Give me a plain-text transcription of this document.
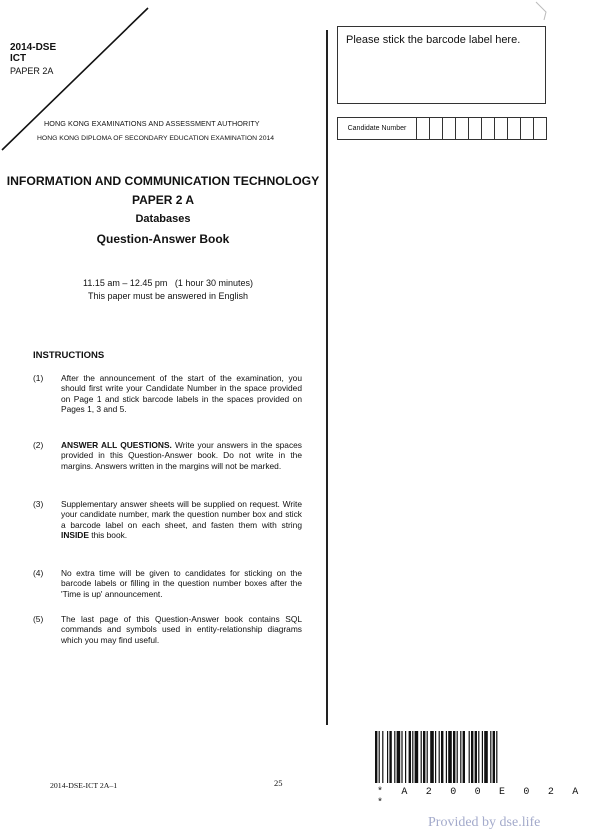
2014-DSE
ICT
PAPER 2A
HONG KONG EXAMINATIONS AND ASSESSMENT AUTHORITY
HONG KONG DIPLOMA OF SECONDARY EDUCATION EXAMINATION 2014
INFORMATION AND COMMUNICATION TECHNOLOGY
PAPER 2 A
Databases
Question-Answer Book
11.15 am – 12.45 pm   (1 hour 30 minutes)
This paper must be answered in English
INSTRUCTIONS
(1)	After the announcement of the start of the examination, you should first write your Candidate Number in the space provided on Page 1 and stick barcode labels in the spaces provided on Pages 1, 3 and 5.
(2)	ANSWER ALL QUESTIONS. Write your answers in the spaces provided in this Question-Answer book. Do not write in the margins. Answers written in the margins will not be marked.
(3)	Supplementary answer sheets will be supplied on request. Write your candidate number, mark the question number box and stick a barcode label on each sheet, and fasten them with string INSIDE this book.
(4)	No extra time will be given to candidates for sticking on the barcode labels or filling in the question number boxes after the 'Time is up' announcement.
(5)	The last page of this Question-Answer book contains SQL commands and symbols used in entity-relationship diagrams which you may find useful.
Please stick the barcode label here.
Candidate Number										
2014-DSE-ICT 2A–1	25
* A 2 0 0 E 0 2 A *
Provided by dse.life
